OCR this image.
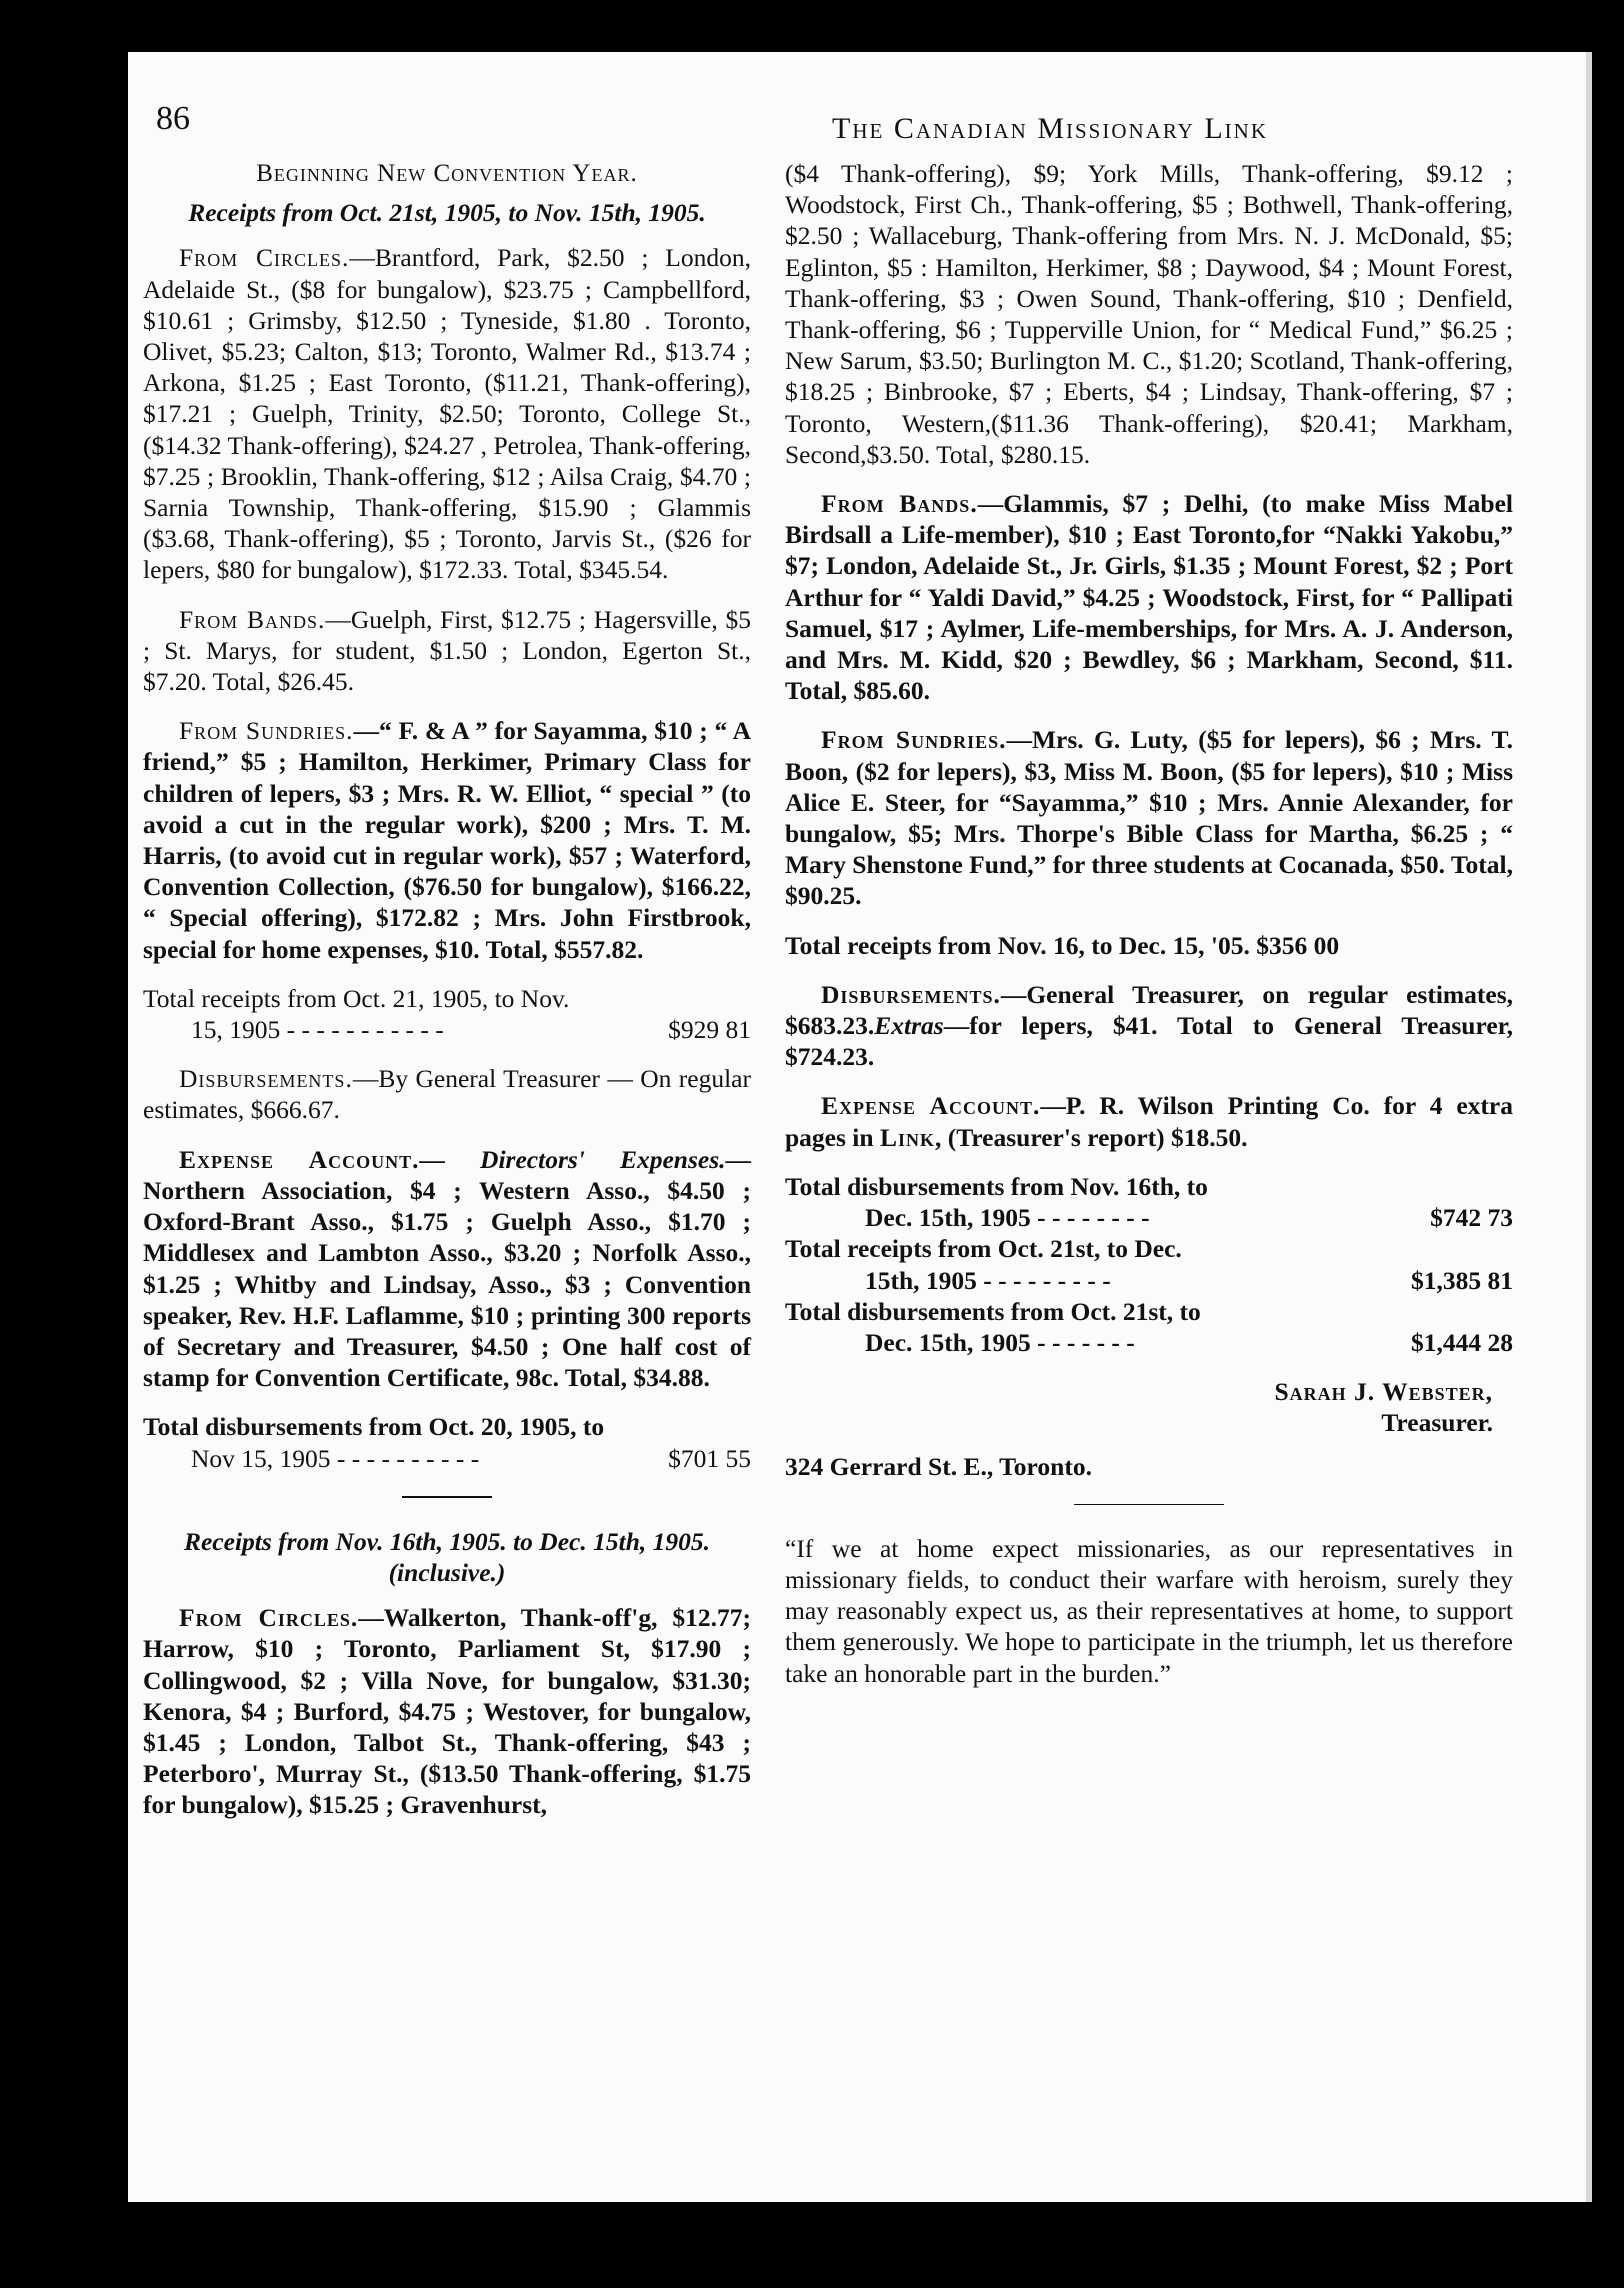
86	The Canadian Missionary Link
Beginning New Convention Year.
Receipts from Oct. 21st, 1905, to Nov. 15th, 1905.

From Circles.—Brantford, Park, $2.50 ; London, Adelaide St., ($8 for bungalow), $23.75 ; Campbellford, $10.61 ; Grimsby, $12.50 ; Tyneside, $1.80 . Toronto, Olivet, $5.23; Calton, $13; Toronto, Walmer Rd., $13.74 ; Arkona, $1.25 ; East Toronto, ($11.21, Thank-offering), $17.21 ; Guelph, Trinity, $2.50; Toronto, College St., ($14.32 Thank-offering), $24.27 , Petrolea, Thank-offering, $7.25 ; Brooklin, Thank-offering, $12 ; Ailsa Craig, $4.70 ; Sarnia Township, Thank-offering, $15.90 ; Glammis ($3.68, Thank-offering), $5 ; Toronto, Jarvis St., ($26 for lepers, $80 for bungalow), $172.33. Total, $345.54.

From Bands.—Guelph, First, $12.75 ; Hagersville, $5 ; St. Marys, for student, $1.50 ; London, Egerton St., $7.20. Total, $26.45.

From Sundries.—“ F. & A ” for Sayamma, $10 ; “ A friend,” $5 ; Hamilton, Herkimer, Primary Class for children of lepers, $3 ; Mrs. R. W. Elliot, “ special ” (to avoid a cut in the regular work), $200 ; Mrs. T. M. Harris, (to avoid cut in regular work), $57 ; Waterford, Convention Collection, ($76.50 for bungalow), $166.22, “ Special offering), $172.82 ; Mrs. John Firstbrook, special for home expenses, $10. Total, $557.82.

Total receipts from Oct. 21, 1905, to Nov.
15, 1905 - - - - - - - - - - -	$929 81

Disbursements.—By General Treasurer — On regular estimates, $666.67.

Expense Account.— Directors' Expenses.—Northern Association, $4 ; Western Asso., $4.50 ; Oxford-Brant Asso., $1.75 ; Guelph Asso., $1.70 ; Middlesex and Lambton Asso., $3.20 ; Norfolk Asso., $1.25 ; Whitby and Lindsay, Asso., $3 ; Convention speaker, Rev. H.F. Laflamme, $10 ; printing 300 reports of Secretary and Treasurer, $4.50 ; One half cost of stamp for Convention Certificate, 98c. Total, $34.88.

Total disbursements from Oct. 20, 1905, to
Nov 15, 1905 - - - - - - - - - -	$701 55
Receipts from Nov. 16th, 1905. to Dec. 15th, 1905.
(inclusive.)

From Circles.—Walkerton, Thank-off'g, $12.77; Harrow, $10 ; Toronto, Parliament St, $17.90 ; Collingwood, $2 ; Villa Nove, for bungalow, $31.30; Kenora, $4 ; Burford, $4.75 ; Westover, for bungalow, $1.45 ; London, Talbot St., Thank-offering, $43 ; Peterboro', Murray St., ($13.50 Thank-offering, $1.75 for bungalow), $15.25 ; Gravenhurst,

($4 Thank-offering), $9; York Mills, Thank-offering, $9.12 ; Woodstock, First Ch., Thank-offering, $5 ; Bothwell, Thank-offering, $2.50 ; Wallaceburg, Thank-offering from Mrs. N. J. McDonald, $5; Eglinton, $5 : Hamilton, Herkimer, $8 ; Daywood, $4 ; Mount Forest, Thank-offering, $3 ; Owen Sound, Thank-offering, $10 ; Denfield, Thank-offering, $6 ; Tupperville Union, for “ Medical Fund,” $6.25 ; New Sarum, $3.50; Burlington M. C., $1.20; Scotland, Thank-offering, $18.25 ; Binbrooke, $7 ; Eberts, $4 ; Lindsay, Thank-offering, $7 ; Toronto, Western,($11.36 Thank-offering), $20.41; Markham, Second,$3.50. Total, $280.15.

From Bands.—Glammis, $7 ; Delhi, (to make Miss Mabel Birdsall a Life-member), $10 ; East Toronto,for “Nakki Yakobu,” $7; London, Adelaide St., Jr. Girls, $1.35 ; Mount Forest, $2 ; Port Arthur for “ Yaldi David,” $4.25 ; Woodstock, First, for “ Pallipati Samuel, $17 ; Aylmer, Life-memberships, for Mrs. A. J. Anderson, and Mrs. M. Kidd, $20 ; Bewdley, $6 ; Markham, Second, $11. Total, $85.60.

From Sundries.—Mrs. G. Luty, ($5 for lepers), $6 ; Mrs. T. Boon, ($2 for lepers), $3, Miss M. Boon, ($5 for lepers), $10 ; Miss Alice E. Steer, for “Sayamma,” $10 ; Mrs. Annie Alexander, for bungalow, $5; Mrs. Thorpe's Bible Class for Martha, $6.25 ; “ Mary Shenstone Fund,” for three students at Cocanada, $50. Total, $90.25.

Total receipts from Nov. 16, to Dec. 15, '05. $356 00

Disbursements.—General Treasurer, on regular estimates, $683.23.Extras—for lepers, $41. Total to General Treasurer, $724.23.

Expense Account.—P. R. Wilson Printing Co. for 4 extra pages in Link, (Treasurer's report) $18.50.

Total disbursements from Nov. 16th, to
Dec. 15th, 1905 - - - - - - - -	$742 73
Total receipts from Oct. 21st, to Dec.
15th, 1905 - - - - - - - - -	$1,385 81
Total disbursements from Oct. 21st, to
Dec. 15th, 1905 - - - - - - -	$1,444 28
Sarah J. Webster,
Treasurer.
324 Gerrard St. E., Toronto.

“If we at home expect missionaries, as our representatives in missionary fields, to conduct their warfare with heroism, surely they may reasonably expect us, as their representatives at home, to support them generously. We hope to participate in the triumph, let us therefore take an honorable part in the burden.”
